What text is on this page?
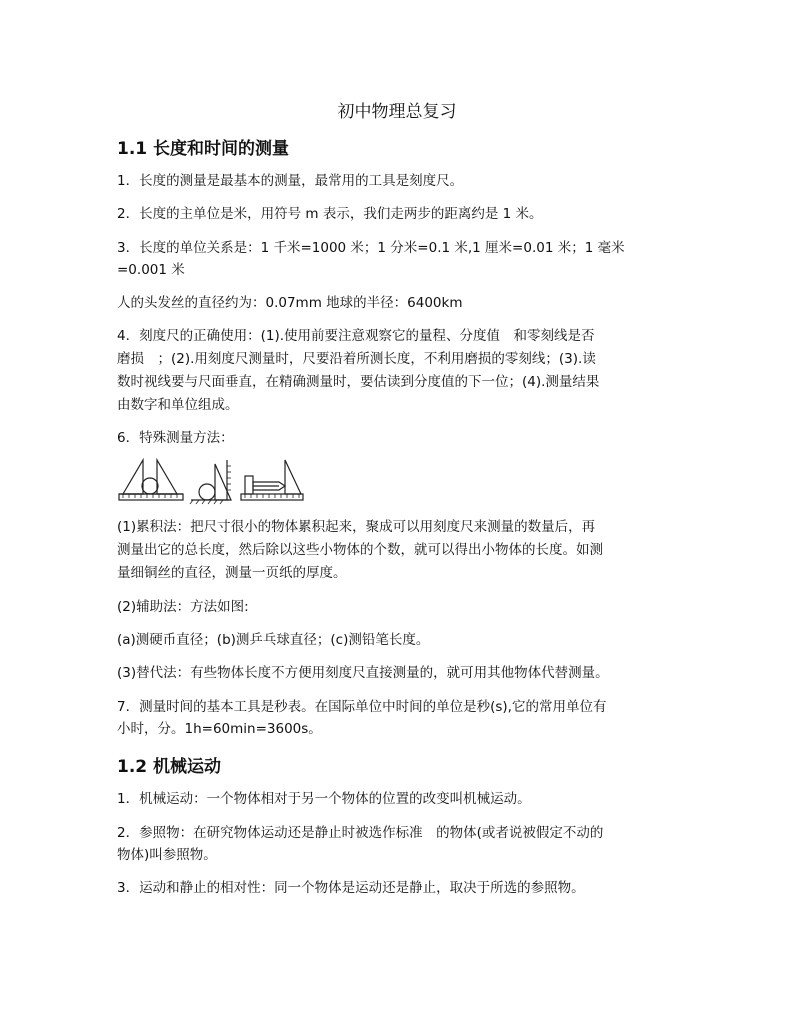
初中物理总复习
1.1 长度和时间的测量
1．长度的测量是最基本的测量，最常用的工具是刻度尺。
2．长度的主单位是米，用符号 m 表示，我们走两步的距离约是 1 米。
3．长度的单位关系是：1 千米=1000 米；1 分米=0.1 米,1 厘米=0.01 米；1 毫米
=0.001 米
人的头发丝的直径约为：0.07mm 地球的半径：6400km
4．刻度尺的正确使用：(1).使用前要注意观察它的量程、分度值　和零刻线是否
磨损　；(2).用刻度尺测量时，尺要沿着所测长度，不利用磨损的零刻线；(3).读
数时视线要与尺面垂直，在精确测量时，要估读到分度值的下一位；(4).测量结果
由数字和单位组成。
6．特殊测量方法：
(1)累积法：把尺寸很小的物体累积起来，聚成可以用刻度尺来测量的数量后，再
测量出它的总长度，然后除以这些小物体的个数，就可以得出小物体的长度。如测
量细铜丝的直径，测量一页纸的厚度。
(2)辅助法：方法如图:
(a)测硬币直径；(b)测乒乓球直径；(c)测铅笔长度。
(3)替代法：有些物体长度不方便用刻度尺直接测量的，就可用其他物体代替测量。
7．测量时间的基本工具是秒表。在国际单位中时间的单位是秒(s),它的常用单位有
小时，分。1h=60min=3600s。
1.2 机械运动
1．机械运动：一个物体相对于另一个物体的位置的改变叫机械运动。
2．参照物：在研究物体运动还是静止时被选作标准　的物体(或者说被假定不动的
物体)叫参照物。
3．运动和静止的相对性：同一个物体是运动还是静止，取决于所选的参照物。
